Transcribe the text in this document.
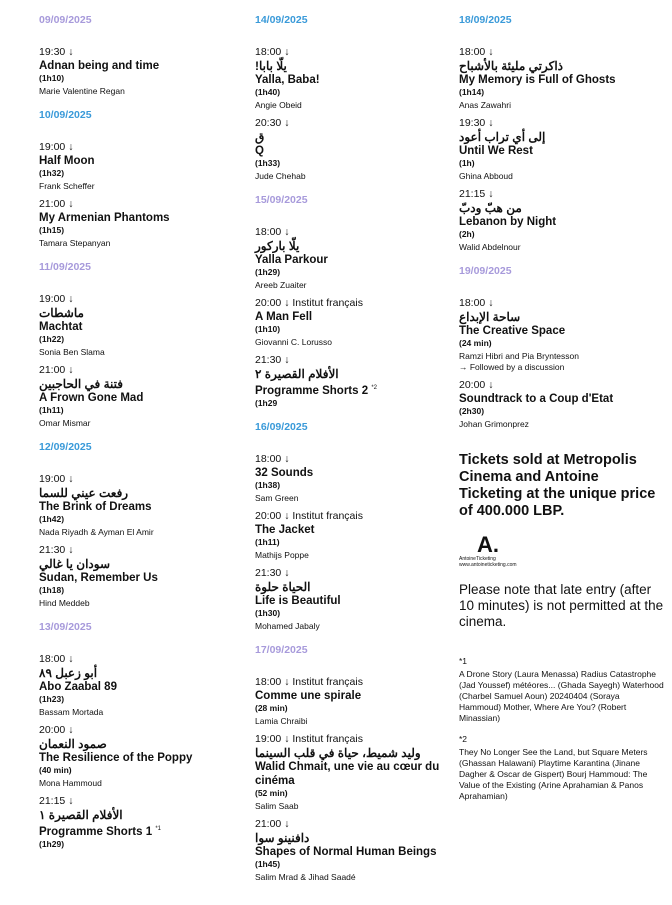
09/09/2025
19:30 ↓
Adnan being and time
(1h10)
Marie Valentine Regan
10/09/2025
19:00 ↓
Half Moon
(1h32)
Frank Scheffer
21:00 ↓
My Armenian Phantoms
(1h15)
Tamara Stepanyan
11/09/2025
19:00 ↓
ماشطات
Machtat
(1h22)
Sonia Ben Slama
21:00 ↓
فتنة في الحاجبين
A Frown Gone Mad
(1h11)
Omar Mismar
12/09/2025
19:00 ↓
رفعت عيني للسما
The Brink of Dreams
(1h42)
Nada Riyadh & Ayman El Amir
21:30 ↓
سودان يا غالي
Sudan, Remember Us
(1h18)
Hind Meddeb
13/09/2025
18:00 ↓
أبو زعبل ٨٩
Abo Zaabal 89
(1h23)
Bassam Mortada
20:00 ↓
صمود النعمان
The Resilience of the Poppy
(40 min)
Mona Hammoud
21:15 ↓
الأفلام القصيرة ١
Programme Shorts 1 $^{*1}$
(1h29)
14/09/2025
18:00 ↓
يلّا بابا!
Yalla, Baba!
(1h40)
Angie Obeid
20:30 ↓
ق
Q
(1h33)
Jude Chehab
15/09/2025
18:00 ↓
يلّا باركور
Yalla Parkour
(1h29)
Areeb Zuaiter
20:00 ↓ Institut français
A Man Fell
(1h10)
Giovanni C. Lorusso
21:30 ↓
الأفلام القصيرة ٢
Programme Shorts 2 $^{*2}$
(1h29
16/09/2025
18:00 ↓
32 Sounds
(1h38)
Sam Green
20:00 ↓ Institut français
The Jacket
(1h11)
Mathijs Poppe
21:30 ↓
الحياة حلوة
Life is Beautiful
(1h30)
Mohamed Jabaly
17/09/2025
18:00 ↓ Institut français
Comme une spirale
(28 min)
Lamia Chraibi
19:00 ↓ Institut français
وليد شميط، حياة في قلب السينما
Walid Chmait, une vie au cœur du cinéma
(52 min)
Salim Saab
21:00 ↓
دافنينو سوا
Shapes of Normal Human Beings
(1h45)
Salim Mrad & Jihad Saadé
18/09/2025
18:00 ↓
ذاكرتي مليئة بالأشباح
My Memory is Full of Ghosts
(1h14)
Anas Zawahri
19:30 ↓
إلى أي تراب أعود
Until We Rest
(1h)
Ghina Abboud
21:15 ↓
من هبّ ودبّ
Lebanon by Night
(2h)
Walid Abdelnour
19/09/2025
18:00 ↓
ساحة الإبداع
The Creative Space
(24 min)
Ramzi Hibri and Pia Bryntesson
→ Followed by a discussion
20:00 ↓
Soundtrack to a Coup d'Etat
(2h30)
Johan Grimonprez
Tickets sold at Metropolis Cinema and Antoine Ticketing at the unique price of 400.000 LBP.
A.
AntoineTicketing
www.antoineticketing.com
Please note that late entry (after 10 minutes) is not permitted at the cinema.
*1
A Drone Story (Laura Menassa) Radius Catastrophe (Jad Youssef) météores... (Ghada Sayegh) Waterhood (Charbel Samuel Aoun) 20240404 (Soraya Hammoud) Mother, Where Are You? (Robert Minassian)
*2
They No Longer See the Land, but Square Meters (Ghassan Halawani) Playtime Karantina (Jinane Dagher & Oscar de Gispert) Bourj Hammoud: The Value of the Existing (Arine Aprahamian & Panos Aprahamian)
